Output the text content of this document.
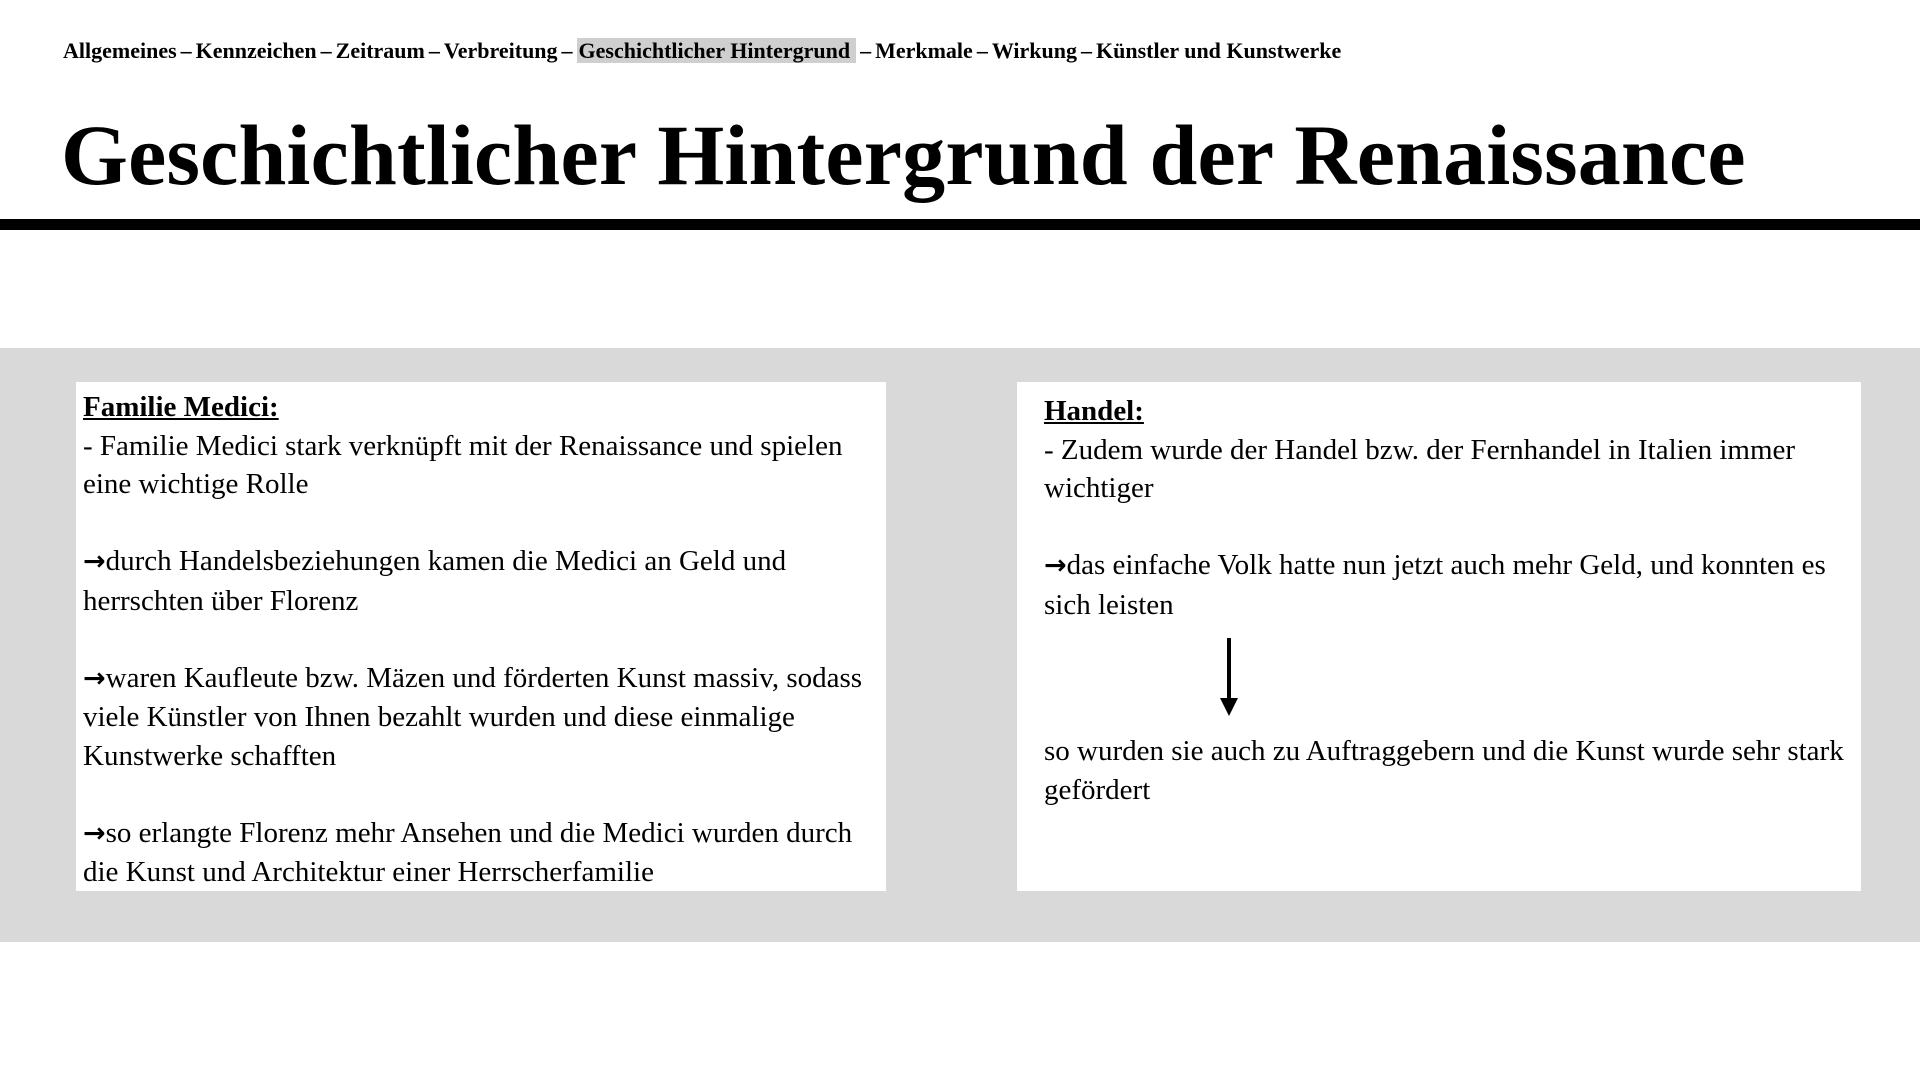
Allgemeines – Kennzeichen – Zeitraum – Verbreitung – Geschichtlicher Hintergrund – Merkmale – Wirkung – Künstler und Kunstwerke
Geschichtlicher Hintergrund der Renaissance
Familie Medici:
- Familie Medici stark verknüpft mit der Renaissance und spielen eine wichtige Rolle
→durch Handelsbeziehungen kamen die Medici an Geld und herrschten über Florenz
→waren Kaufleute bzw. Mäzen und förderten Kunst massiv, sodass viele Künstler von Ihnen bezahlt wurden und diese einmalige Kunstwerke schafften
→so erlangte Florenz mehr Ansehen und die Medici wurden durch die Kunst und Architektur einer Herrscherfamilie
Handel:
- Zudem wurde der Handel bzw. der Fernhandel in Italien immer wichtiger
→das einfache Volk hatte nun jetzt auch mehr Geld, und konnten es sich leisten
so wurden sie auch zu Auftraggebern und die Kunst wurde sehr stark gefördert
